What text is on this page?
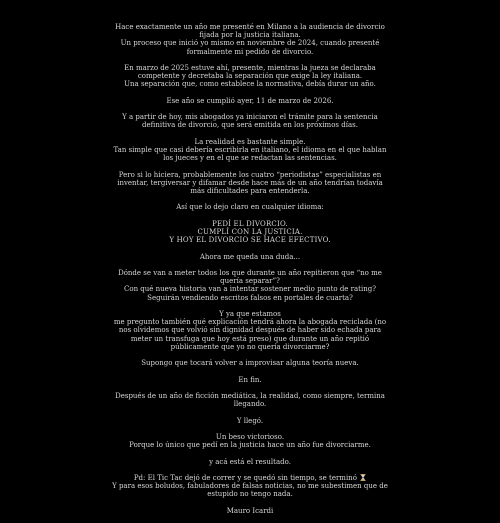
Hace exactamente un año me presenté en Milano a la audiencia de divorcio
fijada por la justicia italiana.
Un proceso que inició yo mismo en noviembre de 2024, cuando presenté
formalmente mi pedido de divorcio.
En marzo de 2025 estuve ahí, presente, mientras la jueza se declaraba
competente y decretaba la separación que exige la ley italiana.
Una separación que, como establece la normativa, debía durar un año.
Ese año se cumplió ayer, 11 de marzo de 2026.
Y a partir de hoy, mis abogados ya iniciaron el trámite para la sentencia
definitiva de divorcio, que será emitida en los próximos días.
La realidad es bastante simple.
Tan simple que casi debería escribirla en italiano, el idioma en el que hablan
los jueces y en el que se redactan las sentencias.
Pero si lo hiciera, probablemente los cuatro “periodistas” especialistas en
inventar, tergiversar y difamar desde hace más de un año tendrían todavía
más dificultades para entenderla.
Así que lo dejo claro en cualquier idioma:
PEDÍ EL DIVORCIO.
CUMPLÍ CON LA JUSTICIA.
Y HOY EL DIVORCIO SE HACE EFECTIVO.
Ahora me queda una duda...
Dónde se van a meter todos los que durante un año repitieron que “no me
quería separar”?
Con qué nueva historia van a intentar sostener medio punto de rating?
Seguirán vendiendo escritos falsos en portales de cuarta?
Y ya que estamos
me pregunto también qué explicación tendrá ahora la abogada reciclada (no
nos olvidemos que volvió sin dignidad después de haber sido echada para
meter un transfuga que hoy está preso) que durante un año repitió
públicamente que yo no quería divorciarme?
Supongo que tocará volver a improvisar alguna teoría nueva.
En fin.
Después de un año de ficción mediática, la realidad, como siempre, termina
llegando.
Y llegó.
Un beso victorioso.
Porque lo único que pedí en la justicia hace un año fue divorciarme.
y acá está el resultado.
Pd: El Tic Tac dejó de correr y se quedó sin tiempo, se terminó
Y para esos boludos, fabuladores de falsas noticias, no me subestimen que de
estupido no tengo nada.
Mauro Icardi
